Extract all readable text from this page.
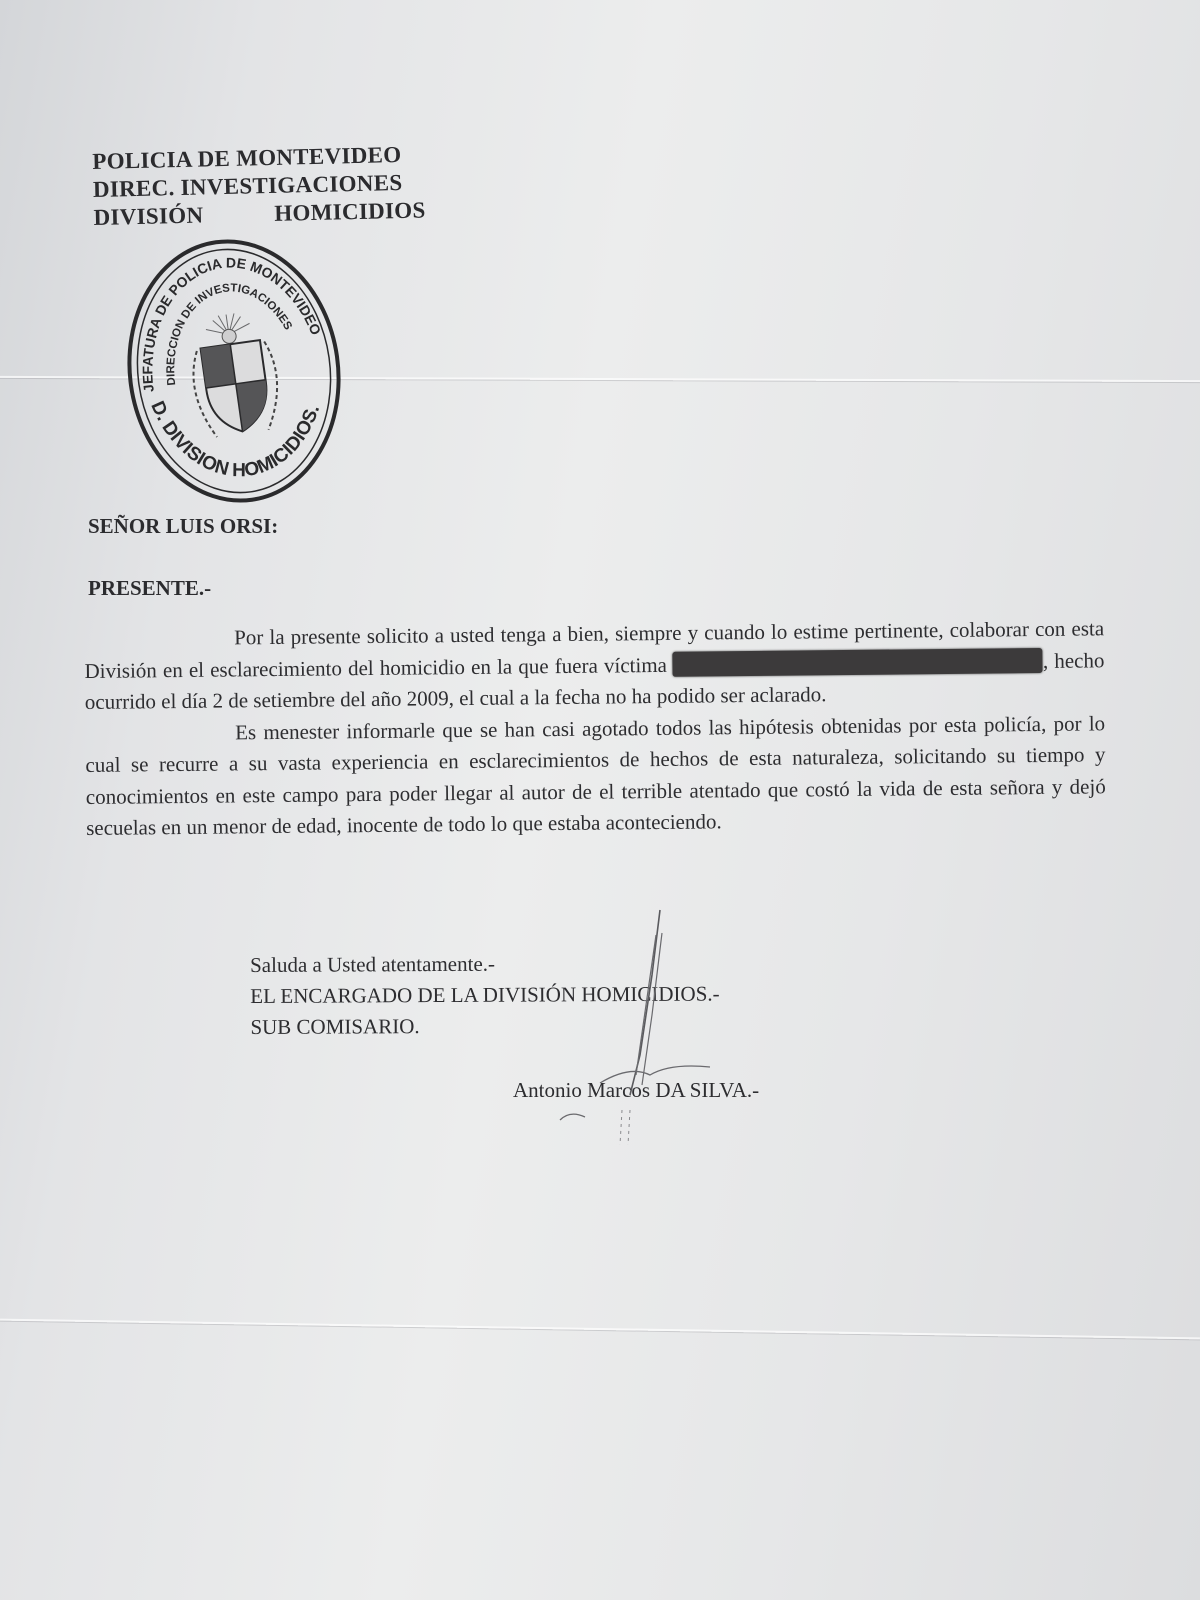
POLICIA DE MONTEVIDEO
DIREC. INVESTIGACIONES
DIVISIÓN	HOMICIDIOS
JEFATURA DE POLICIA DE MONTEVIDEO
DIRECCION DE INVESTIGACIONES
D. DIVISION HOMICIDIOS.
SEÑOR LUIS ORSI:
PRESENTE.-

Por la presente solicito a usted tenga a bien, siempre y cuando lo estime pertinente, colaborar con esta División en el esclarecimiento del homicidio en la que fuera víctima	, hecho ocurrido el día 2 de setiembre del año 2009, el cual a la fecha no ha podido ser aclarado.

Es menester informarle que se han casi agotado todos las hipótesis obtenidas por esta policía, por lo cual se recurre a su vasta experiencia en esclarecimientos de hechos de esta naturaleza, solicitando su tiempo y conocimientos en este campo para poder llegar al autor de el terrible atentado que costó la vida de esta señora y dejó secuelas en un menor de edad, inocente de todo lo que estaba aconteciendo.

Saluda a Usted atentamente.-
EL ENCARGADO DE LA DIVISIÓN HOMICIDIOS.-
SUB COMISARIO.
Antonio Marcos DA SILVA.-
